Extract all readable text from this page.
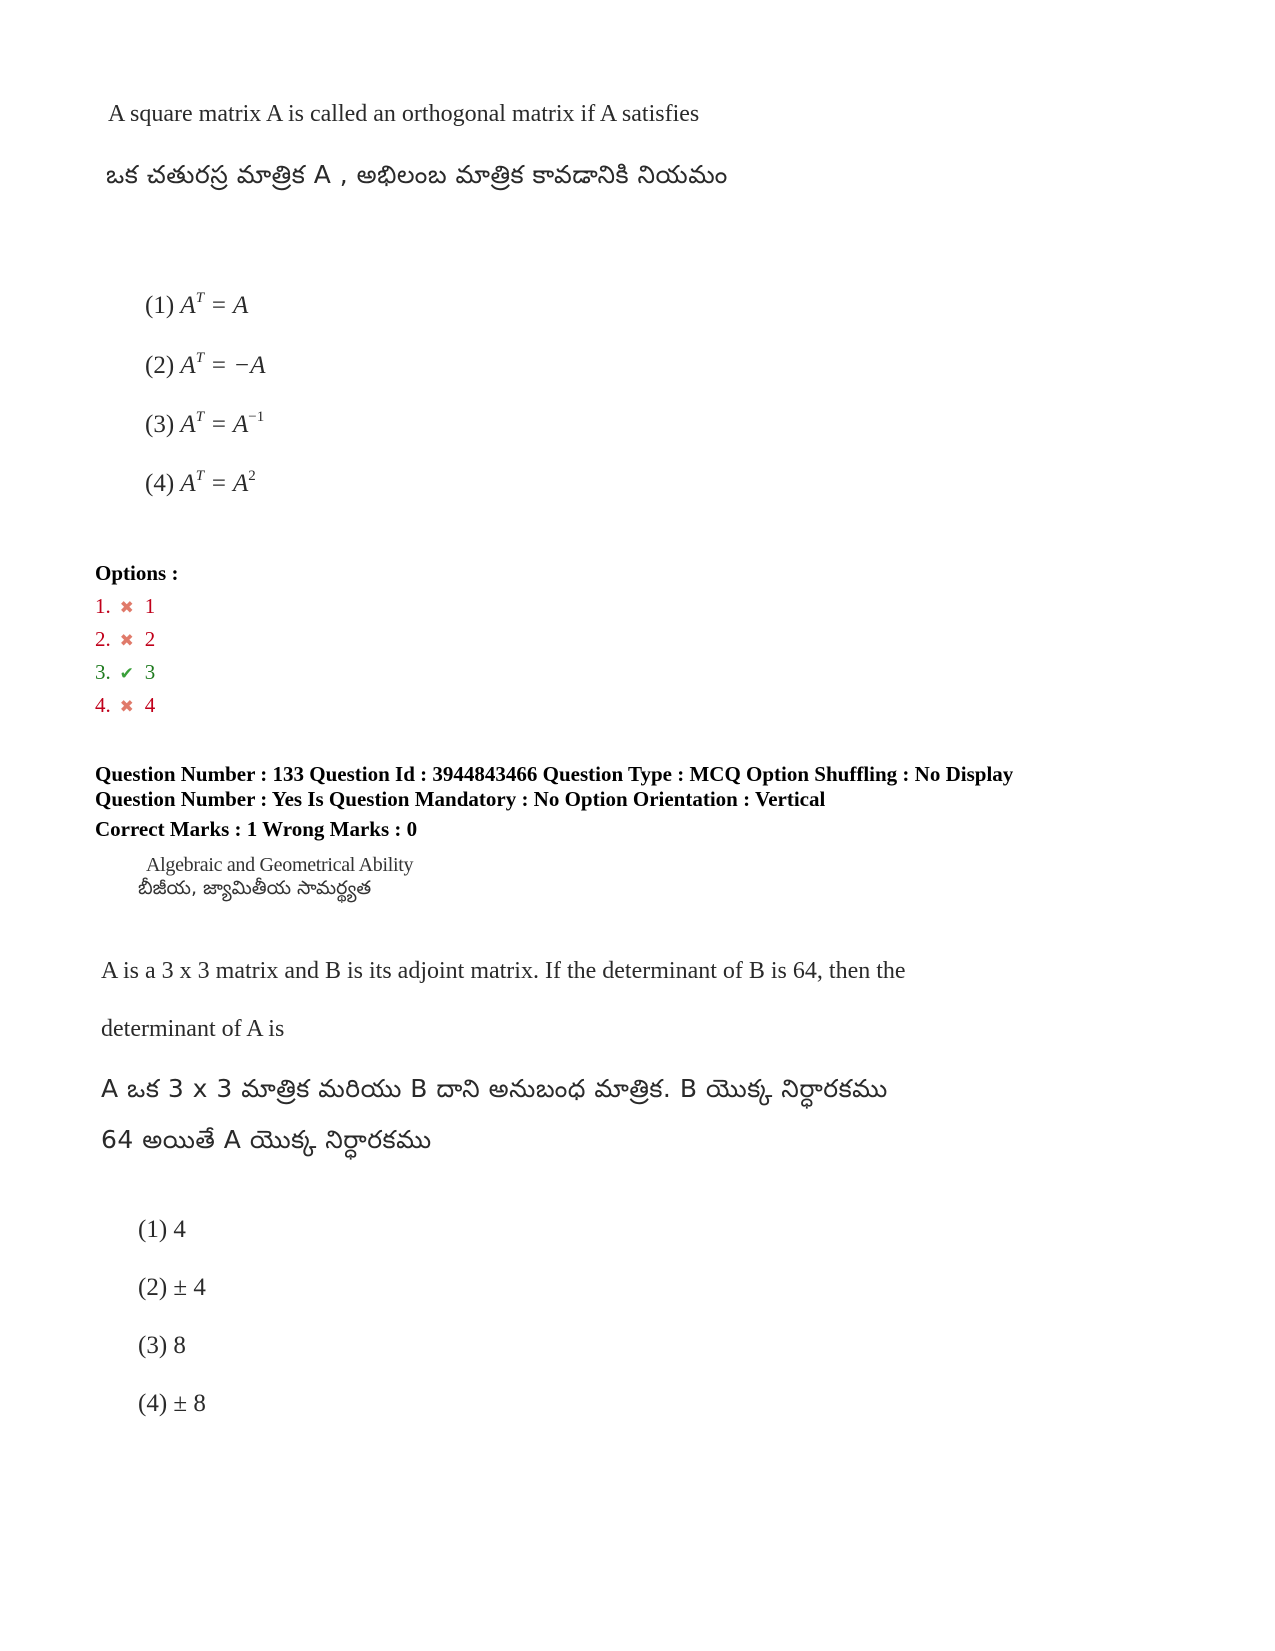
A square matrix A is called an orthogonal matrix if A satisfies
ఒక చతురస్ర మాత్రిక A , అభిలంబ మాత్రిక కావడానికి నియమం
(1) $A^T = A$
(2) $A^T = -A$
(3) $A^T = A^{-1}$
(4) $A^T = A^2$
Options :
1. ✖ 1
2. ✖ 2
3. ✔ 3
4. ✖ 4
Question Number : 133 Question Id : 3944843466 Question Type : MCQ Option Shuffling : No Display
Question Number : Yes Is Question Mandatory : No Option Orientation : Vertical
Correct Marks : 1 Wrong Marks : 0
Algebraic and Geometrical Ability
బీజీయ, జ్యామితీయ సామర్థ్యత
A is a 3 x 3 matrix and B is its adjoint matrix. If the determinant of B is 64, then the
determinant of A is
A ఒక 3 x 3 మాత్రిక మరియు B దాని అనుబంధ మాత్రిక. B యొక్క నిర్ధారకము
64 అయితే A యొక్క నిర్ధారకము
(1) 4
(2) ± 4
(3) 8
(4) ± 8
